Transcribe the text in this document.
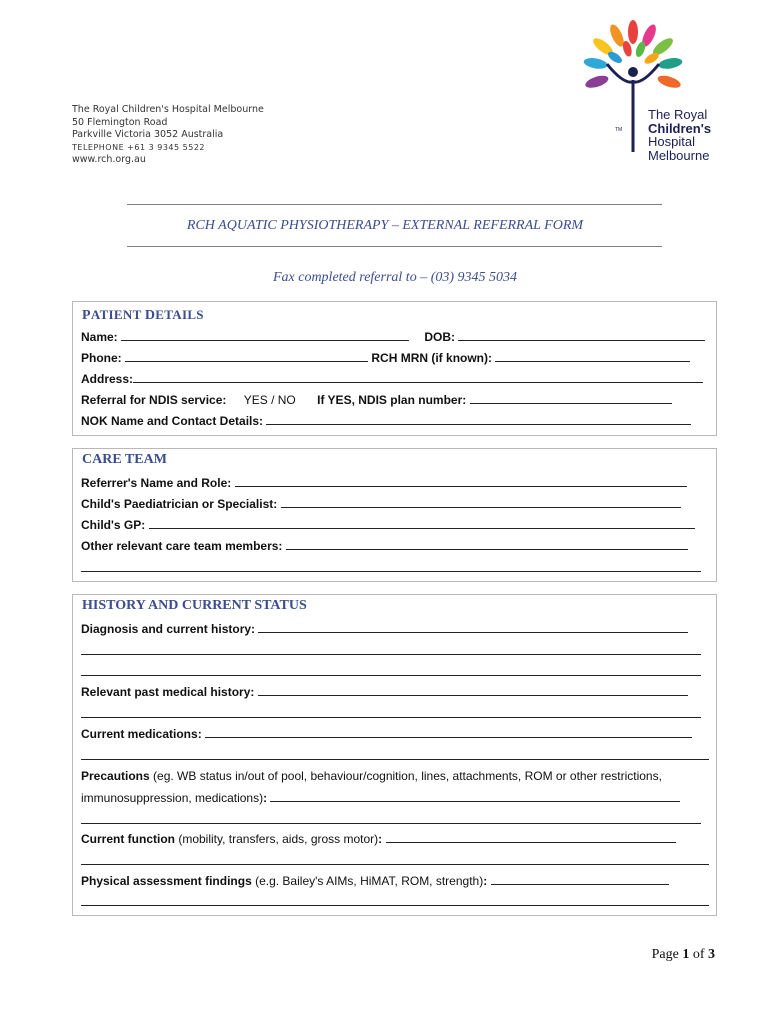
The Royal Children's Hospital Melbourne
50 Flemington Road
Parkville Victoria 3052 Australia
TELEPHONE +61 3 9345 5522
www.rch.org.au
TM
The Royal
Children's
Hospital
Melbourne
RCH AQUATIC PHYSIOTHERAPY – EXTERNAL REFERRAL FORM
Fax completed referral to – (03) 9345 5034
PATIENT DETAILS
Name:	DOB:
Phone:	RCH MRN (if known):
Address:
Referral for NDIS service: YES / NO If YES, NDIS plan number:
NOK Name and Contact Details:
CARE TEAM
Referrer's Name and Role:
Child's Paediatrician or Specialist:
Child's GP:
Other relevant care team members:
HISTORY AND CURRENT STATUS
Diagnosis and current history:
Relevant past medical history:
Current medications:
Precautions (eg. WB status in/out of pool, behaviour/cognition, lines, attachments, ROM or other restrictions,
immunosuppression, medications):
Current function (mobility, transfers, aids, gross motor):
Physical assessment findings (e.g. Bailey's AIMs, HiMAT, ROM, strength):
Page 1 of 3
